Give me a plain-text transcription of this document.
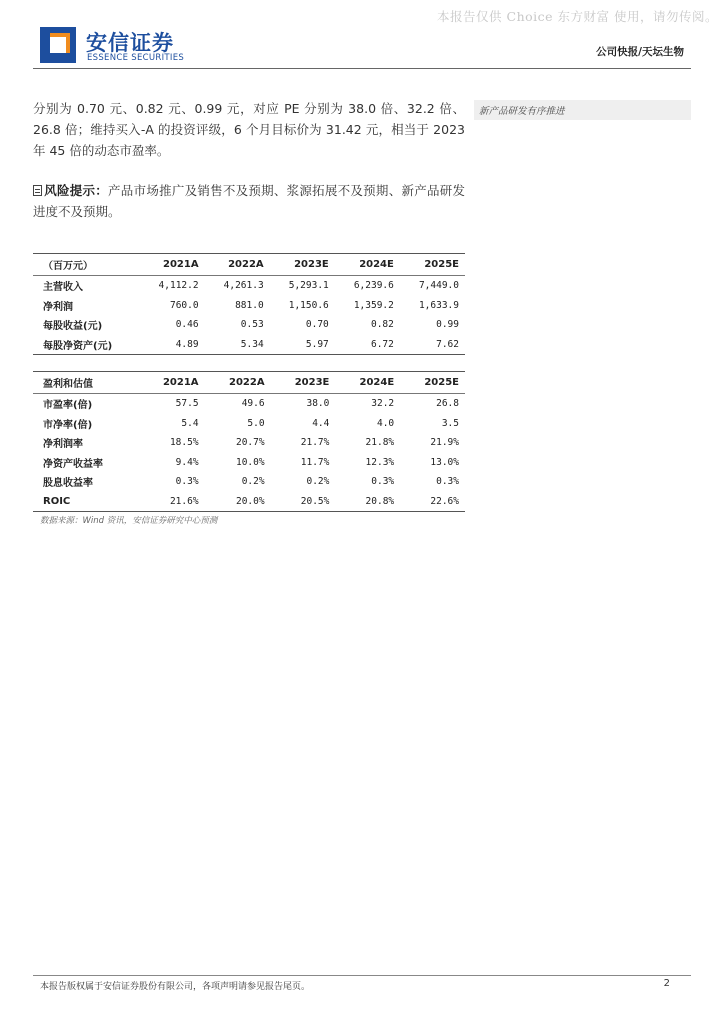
本报告仅供 Choice 东方财富 使用，请勿传阅。
安信证券
ESSENCE SECURITIES	公司快报/天坛生物
新产品研发有序推进

分别为 0.70 元、0.82 元、0.99 元，对应 PE 分别为 38.0 倍、32.2 倍、26.8 倍；维持买入-A 的投资评级，6 个月目标价为 31.42 元，相当于 2023 年 45 倍的动态市盈率。

风险提示：产品市场推广及销售不及预期、浆源拓展不及预期、新产品研发进度不及预期。

（百万元）	2021A	2022A	2023E	2024E	2025E
主营收入	4,112.2	4,261.3	5,293.1	6,239.6	7,449.0
净利润	760.0	881.0	1,150.6	1,359.2	1,633.9
每股收益(元)	0.46	0.53	0.70	0.82	0.99
每股净资产(元)	4.89	5.34	5.97	6.72	7.62
盈利和估值	2021A	2022A	2023E	2024E	2025E
市盈率(倍)	57.5	49.6	38.0	32.2	26.8
市净率(倍)	5.4	5.0	4.4	4.0	3.5
净利润率	18.5%	20.7%	21.7%	21.8%	21.9%
净资产收益率	9.4%	10.0%	11.7%	12.3%	13.0%
股息收益率	0.3%	0.2%	0.2%	0.3%	0.3%
ROIC	21.6%	20.0%	20.5%	20.8%	22.6%
数据来源：Wind 资讯，安信证券研究中心预测
本报告版权属于安信证券股份有限公司，各项声明请参见报告尾页。	2
